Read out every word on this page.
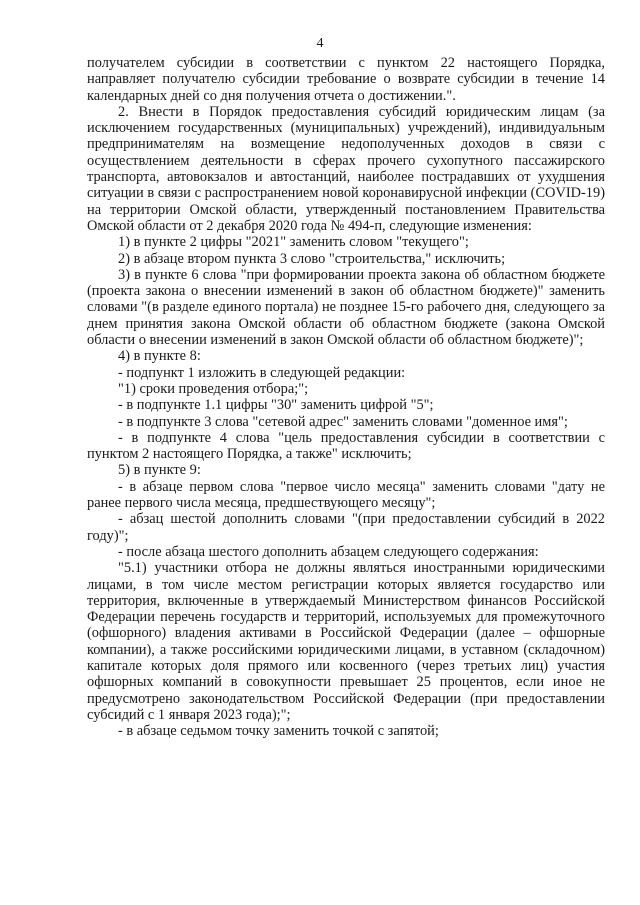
4

получателем субсидии в соответствии с пунктом 22 настоящего Порядка, направляет получателю субсидии требование о возврате субсидии в течение 14 календарных дней со дня получения отчета о достижении.".

2. Внести в Порядок предоставления субсидий юридическим лицам (за исключением государственных (муниципальных) учреждений), индивидуальным предпринимателям на возмещение недополученных доходов в связи с осуществлением деятельности в сферах прочего сухопутного пассажирского транспорта, автовокзалов и автостанций, наиболее пострадавших от ухудшения ситуации в связи с распространением новой коронавирусной инфекции (COVID-19) на территории Омской области, утвержденный постановлением Правительства Омской области от 2 декабря 2020 года № 494-п, следующие изменения:

1) в пункте 2 цифры "2021" заменить словом "текущего";

2) в абзаце втором пункта 3 слово "строительства," исключить;

3) в пункте 6 слова "при формировании проекта закона об областном бюджете (проекта закона о внесении изменений в закон об областном бюджете)" заменить словами "(в разделе единого портала) не позднее 15-го рабочего дня, следующего за днем принятия закона Омской области об областном бюджете (закона Омской области о внесении изменений в закон Омской области об областном бюджете)";

4) в пункте 8:

- подпункт 1 изложить в следующей редакции:

"1) сроки проведения отбора;";

- в подпункте 1.1 цифры "30" заменить цифрой "5";

- в подпункте 3 слова "сетевой адрес" заменить словами "доменное имя";

- в подпункте 4 слова "цель предоставления субсидии в соответствии с пунктом 2 настоящего Порядка, а также" исключить;

5) в пункте 9:

- в абзаце первом слова "первое число месяца" заменить словами "дату не ранее первого числа месяца, предшествующего месяцу";

- абзац шестой дополнить словами "(при предоставлении субсидий в 2022 году)";

- после абзаца шестого дополнить абзацем следующего содержания:

"5.1) участники отбора не должны являться иностранными юридическими лицами, в том числе местом регистрации которых является государство или территория, включенные в утверждаемый Министерством финансов Российской Федерации перечень государств и территорий, используемых для промежуточного (офшорного) владения активами в Российской Федерации (далее – офшорные компании), а также российскими юридическими лицами, в уставном (складочном) капитале которых доля прямого или косвенного (через третьих лиц) участия офшорных компаний в совокупности превышает 25 процентов, если иное не предусмотрено законодательством Российской Федерации (при предоставлении субсидий с 1 января 2023 года);";

- в абзаце седьмом точку заменить точкой с запятой;
